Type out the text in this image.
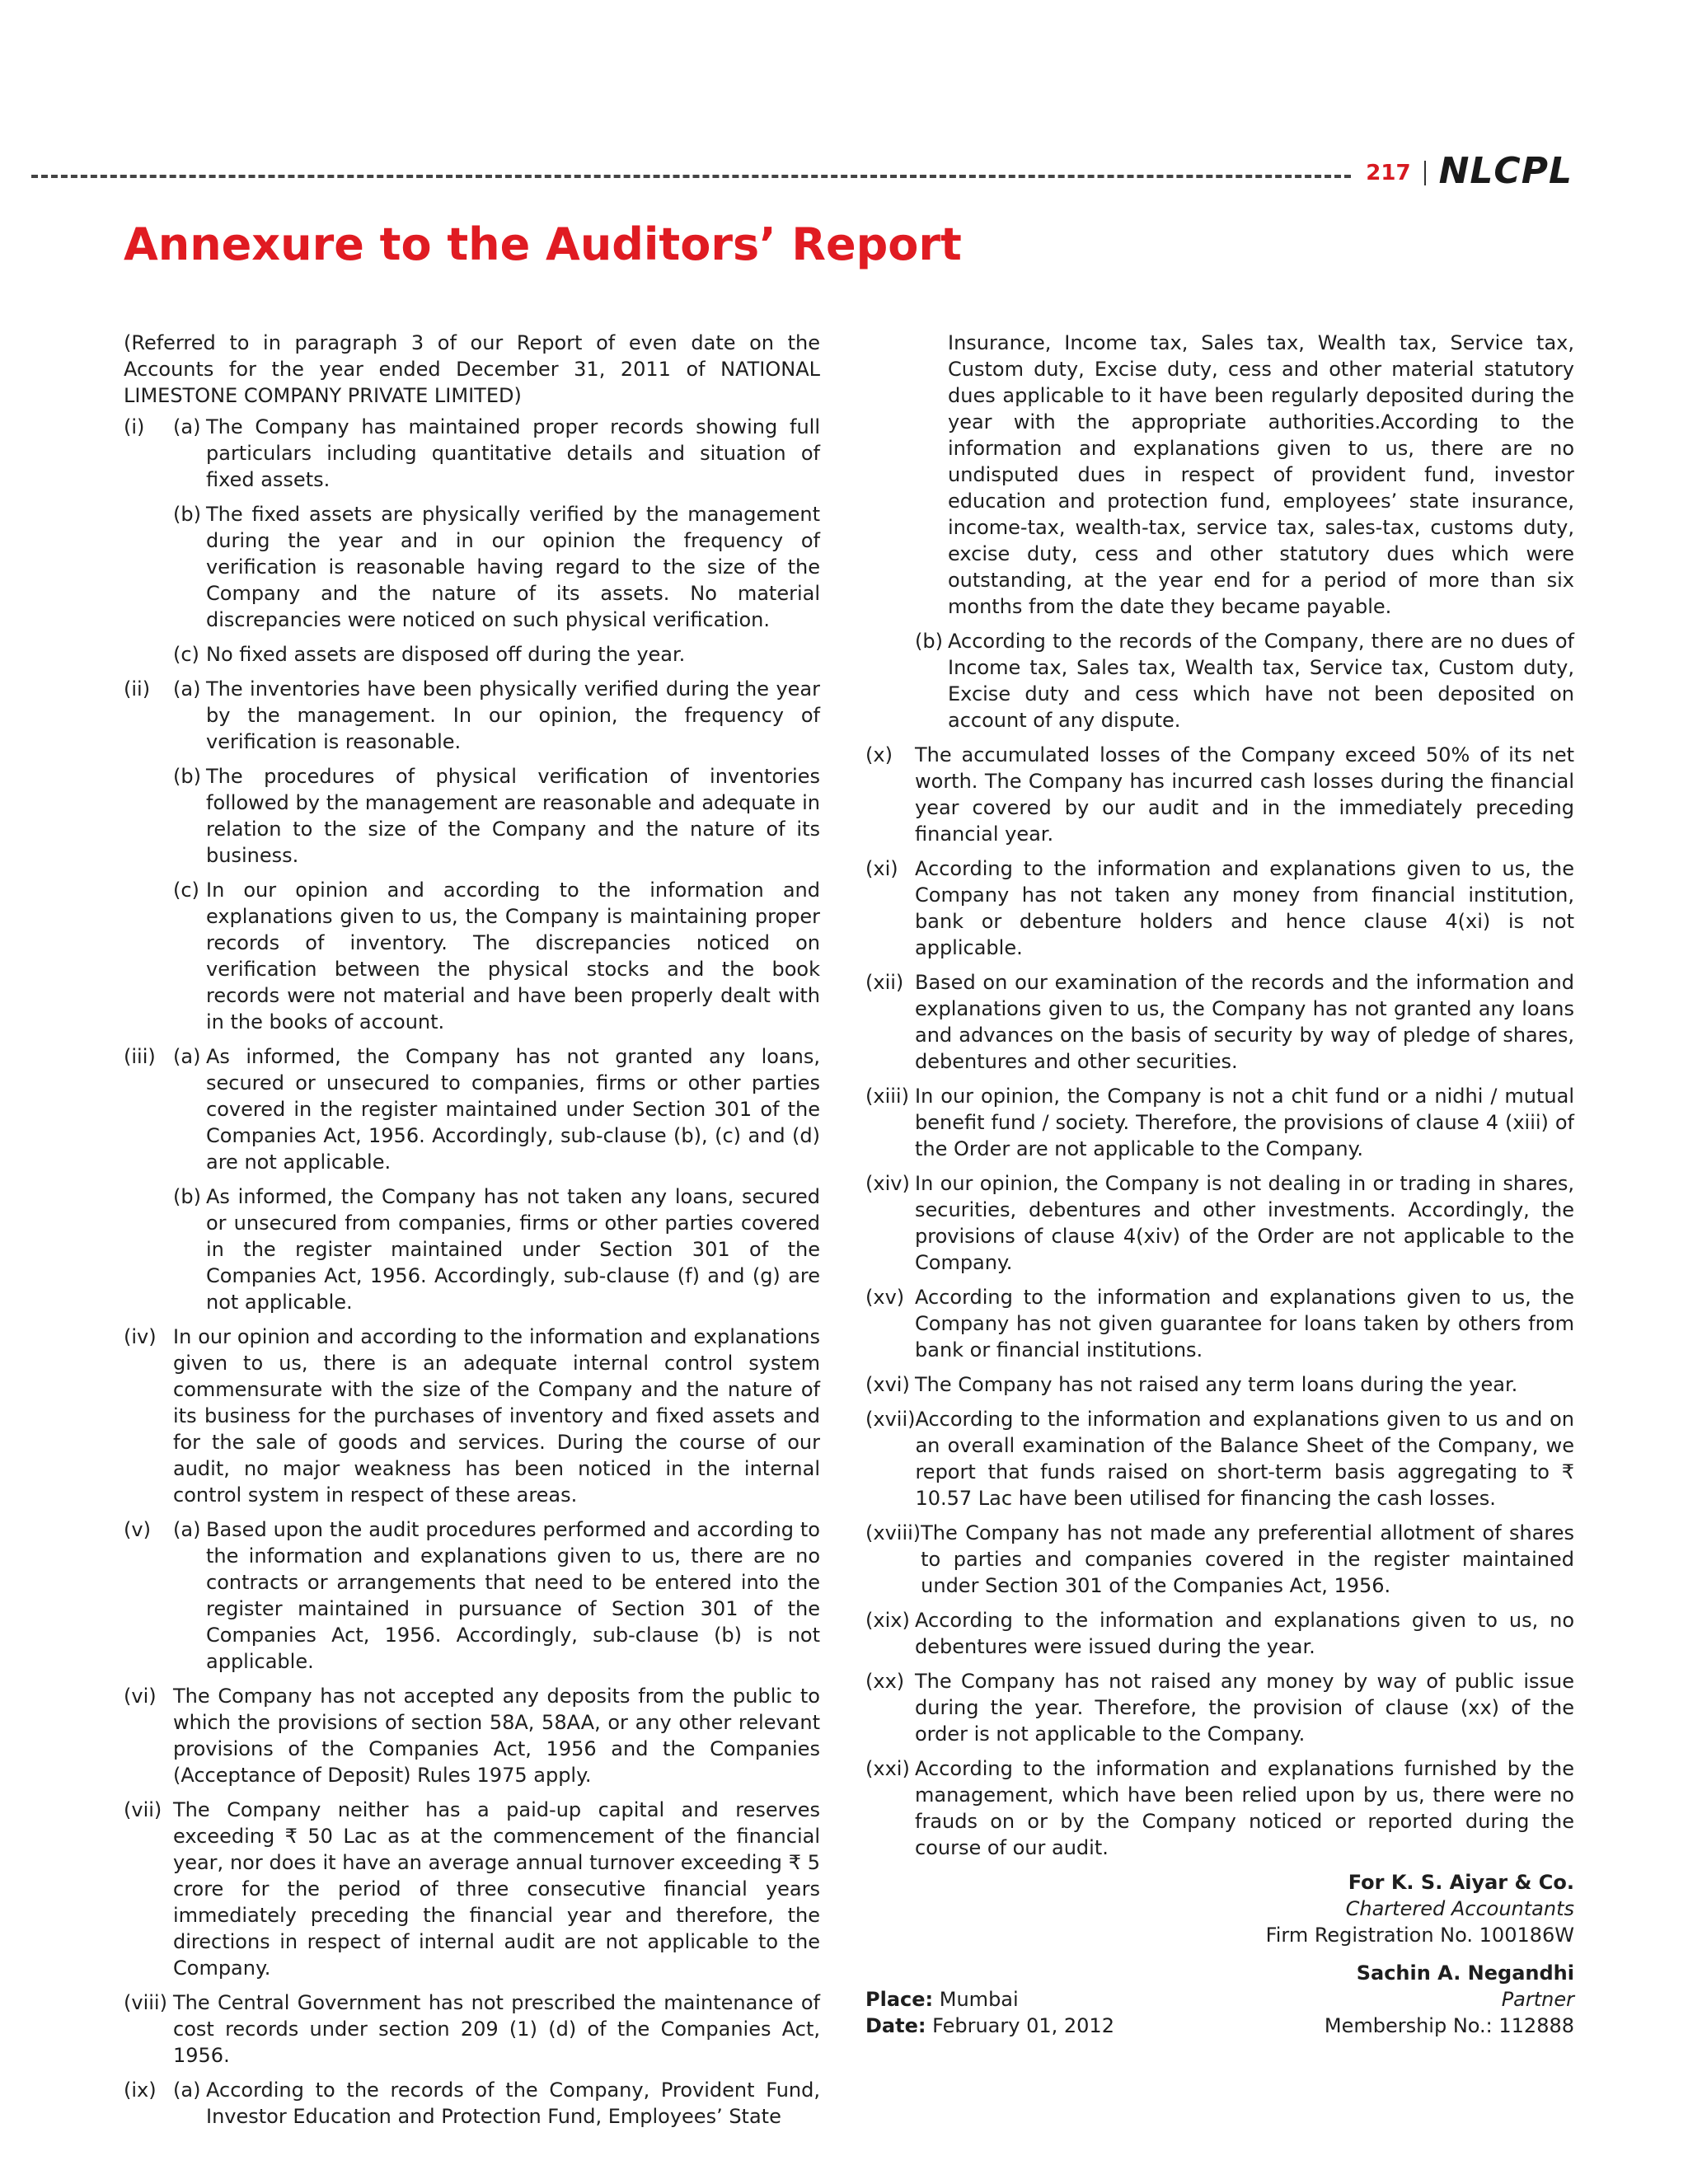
217 NLCPL
Annexure to the Auditors’ Report

(Referred to in paragraph 3 of our Report of even date on the Accounts for the year ended December 31, 2011 of NATIONAL LIMESTONE COMPANY PRIVATE LIMITED)

(i)	(a) The Company has maintained proper records showing full particulars including quantitative details and situation of fixed assets.
(b) The fixed assets are physically verified by the management during the year and in our opinion the frequency of verification is reasonable having regard to the size of the Company and the nature of its assets. No material discrepancies were noticed on such physical verification.
(c) No fixed assets are disposed off during the year.
(ii)	(a) The inventories have been physically verified during the year by the management. In our opinion, the frequency of verification is reasonable.
(b) The procedures of physical verification of inventories followed by the management are reasonable and adequate in relation to the size of the Company and the nature of its business.
(c) In our opinion and according to the information and explanations given to us, the Company is maintaining proper records of inventory. The discrepancies noticed on verification between the physical stocks and the book records were not material and have been properly dealt with in the books of account.
(iii) (a) As informed, the Company has not granted any loans, secured or unsecured to companies, firms or other parties covered in the register maintained under Section 301 of the Companies Act, 1956. Accordingly, sub-clause (b), (c) and (d) are not applicable.
(b) As informed, the Company has not taken any loans, secured or unsecured from companies, firms or other parties covered in the register maintained under Section 301 of the Companies Act, 1956. Accordingly, sub-clause (f) and (g) are not applicable.
(iv) In our opinion and according to the information and explanations given to us, there is an adequate internal control system commensurate with the size of the Company and the nature of its business for the purchases of inventory and fixed assets and for the sale of goods and services. During the course of our audit, no major weakness has been noticed in the internal control system in respect of these areas.
(v)	(a) Based upon the audit procedures performed and according to the information and explanations given to us, there are no contracts or arrangements that need to be entered into the register maintained in pursuance of Section 301 of the Companies Act, 1956. Accordingly, sub-clause (b) is not applicable.
(vi) The Company has not accepted any deposits from the public to which the provisions of section 58A, 58AA, or any other relevant provisions of the Companies Act, 1956 and the Companies (Acceptance of Deposit) Rules 1975 apply.
(vii) The Company neither has a paid-up capital and reserves exceeding ₹ 50 Lac as at the commencement of the financial year, nor does it have an average annual turnover exceeding ₹ 5 crore for the period of three consecutive financial years immediately preceding the financial year and therefore, the directions in respect of internal audit are not applicable to the Company.
(viii) The Central Government has not prescribed the maintenance of cost records under section 209 (1) (d) of the Companies Act, 1956.
(ix) (a) According to the records of the Company, Provident Fund, Investor Education and Protection Fund, Employees’ State

Insurance, Income tax, Sales tax, Wealth tax, Service tax, Custom duty, Excise duty, cess and other material statutory dues applicable to it have been regularly deposited during the year with the appropriate authorities.According to the information and explanations given to us, there are no undisputed dues in respect of provident fund, investor education and protection fund, employees’ state insurance, income-tax, wealth-tax, service tax, sales-tax, customs duty, excise duty, cess and other statutory dues which were outstanding, at the year end for a period of more than six months from the date they became payable.

(b) According to the records of the Company, there are no dues of Income tax, Sales tax, Wealth tax, Service tax, Custom duty, Excise duty and cess which have not been deposited on account of any dispute.
(x)	The accumulated losses of the Company exceed 50% of its net worth. The Company has incurred cash losses during the financial year covered by our audit and in the immediately preceding financial year.
(xi) According to the information and explanations given to us, the Company has not taken any money from financial institution, bank or debenture holders and hence clause 4(xi) is not applicable.
(xii) Based on our examination of the records and the information and explanations given to us, the Company has not granted any loans and advances on the basis of security by way of pledge of shares, debentures and other securities.
(xiii) In our opinion, the Company is not a chit fund or a nidhi / mutual benefit fund / society. Therefore, the provisions of clause 4 (xiii) of the Order are not applicable to the Company.
(xiv) In our opinion, the Company is not dealing in or trading in shares, securities, debentures and other investments. Accordingly, the provisions of clause 4(xiv) of the Order are not applicable to the Company.
(xv) According to the information and explanations given to us, the Company has not given guarantee for loans taken by others from bank or financial institutions.
(xvi) The Company has not raised any term loans during the year.
(xvii) According to the information and explanations given to us and on an overall examination of the Balance Sheet of the Company, we report that funds raised on short-term basis aggregating to ₹ 10.57 Lac have been utilised for financing the cash losses.
(xviii) The Company has not made any preferential allotment of shares to parties and companies covered in the register maintained under Section 301 of the Companies Act, 1956.
(xix) According to the information and explanations given to us, no debentures were issued during the year.
(xx) The Company has not raised any money by way of public issue during the year. Therefore, the provision of clause (xx) of the order is not applicable to the Company.
(xxi) According to the information and explanations furnished by the management, which have been relied upon by us, there were no frauds on or by the Company noticed or reported during the course of our audit.
For K. S. Aiyar & Co.
Chartered Accountants
Firm Registration No. 100186W
Sachin A. Negandhi
Place: Mumbai
Date: February 01, 2012
Partner
Membership No.: 112888
